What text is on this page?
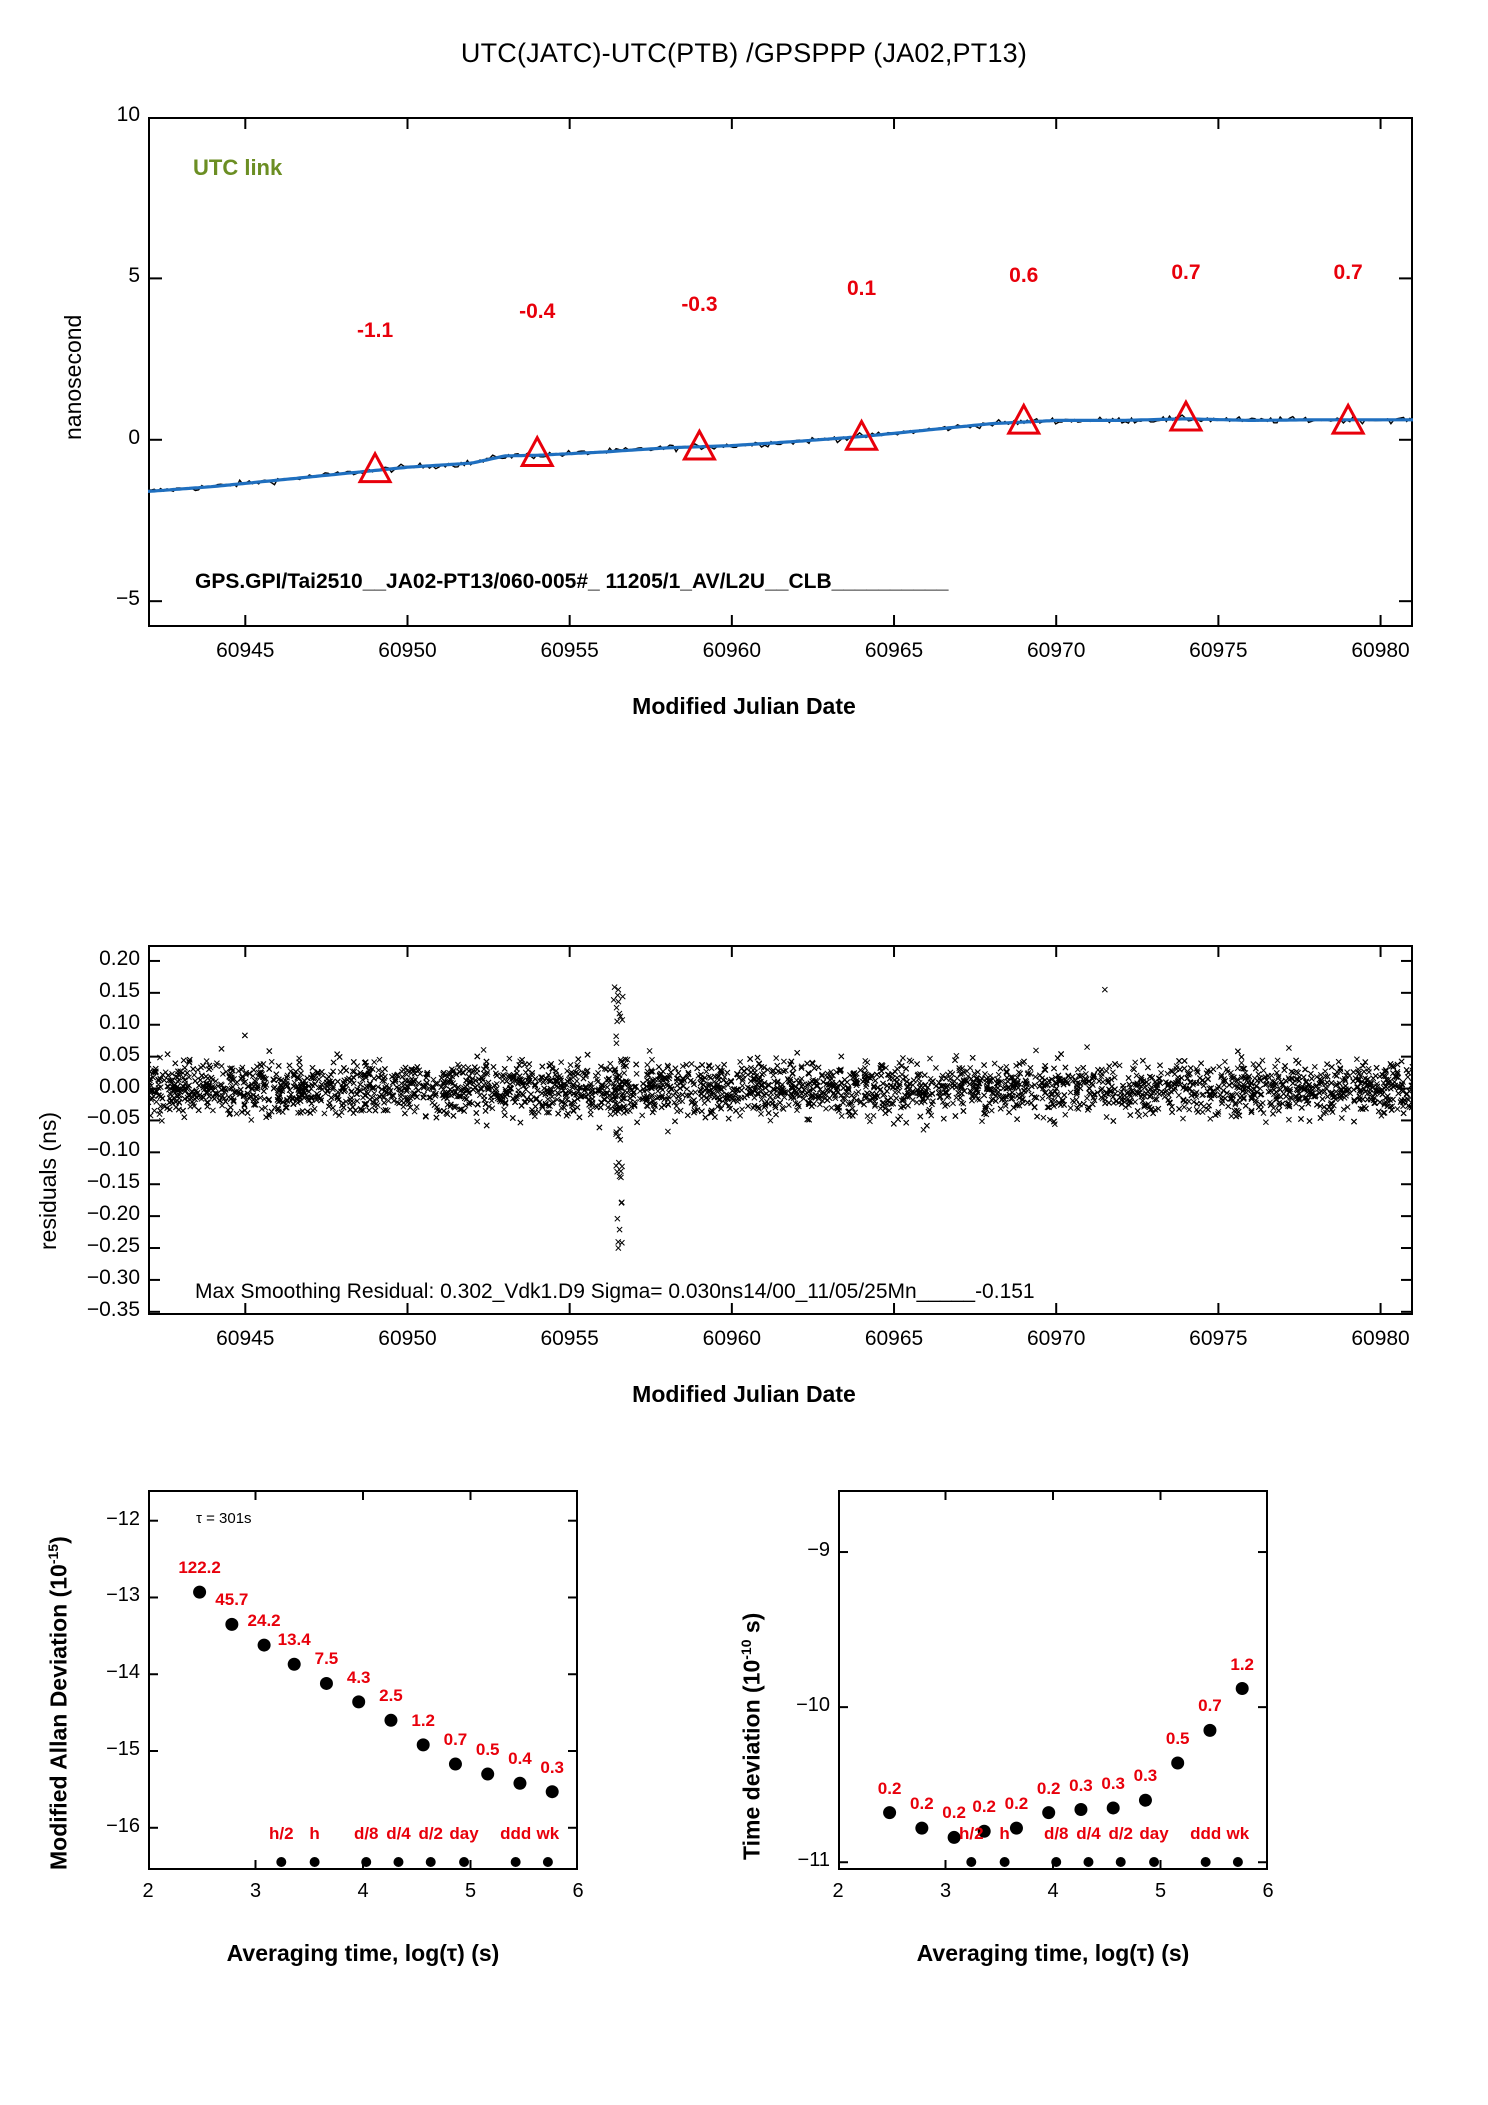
UTC(JATC)-UTC(PTB) /GPSPPP (JA02,PT13)
UTC link
GPS.GPI/Tai2510__JA02-PT13/060-005#_ 11205/1_AV/L2U__CLB__________
Modified Julian Date
nanosecond
Max Smoothing Residual: 0.302_Vdk1.D9 Sigma= 0.030ns14/00_11/05/25Mn_____-0.151
Modified Julian Date
residuals (ns)
τ = 301s
Averaging time, log(τ) (s)
Modified Allan Deviation $(10^{-15})$
Averaging time, log(τ) (s)
Time deviation ($10^{-10}$ s)
−5
0
5
10
60945	60950	60955	60960	60965	60970	60975	60980
-1.1
-0.4	-0.3
0.1
0.6	0.7	0.7
−0.35
−0.30
−0.25
−0.20
−0.15
−0.10
−0.05
0.00
0.05
0.10
0.15
0.20
60945	60950	60955	60960	60965	60970	60975	60980
−16
−15
−14
−13
−12
2	3	4	5	6
122.2
45.7
24.2
13.4
7.5
4.3
2.5
1.2
0.7
0.5 0.4 0.3
h/2 h	d/8 d/4 d/2 day	ddd wk
−11
−10
−9
2	3	4	5	6
0.2
0.2 0.2 0.2 0.2
0.2 0.3 0.3 0.3
0.5
0.7
1.2
h/2 h	d/8 d/4 d/2 day	ddd wk
